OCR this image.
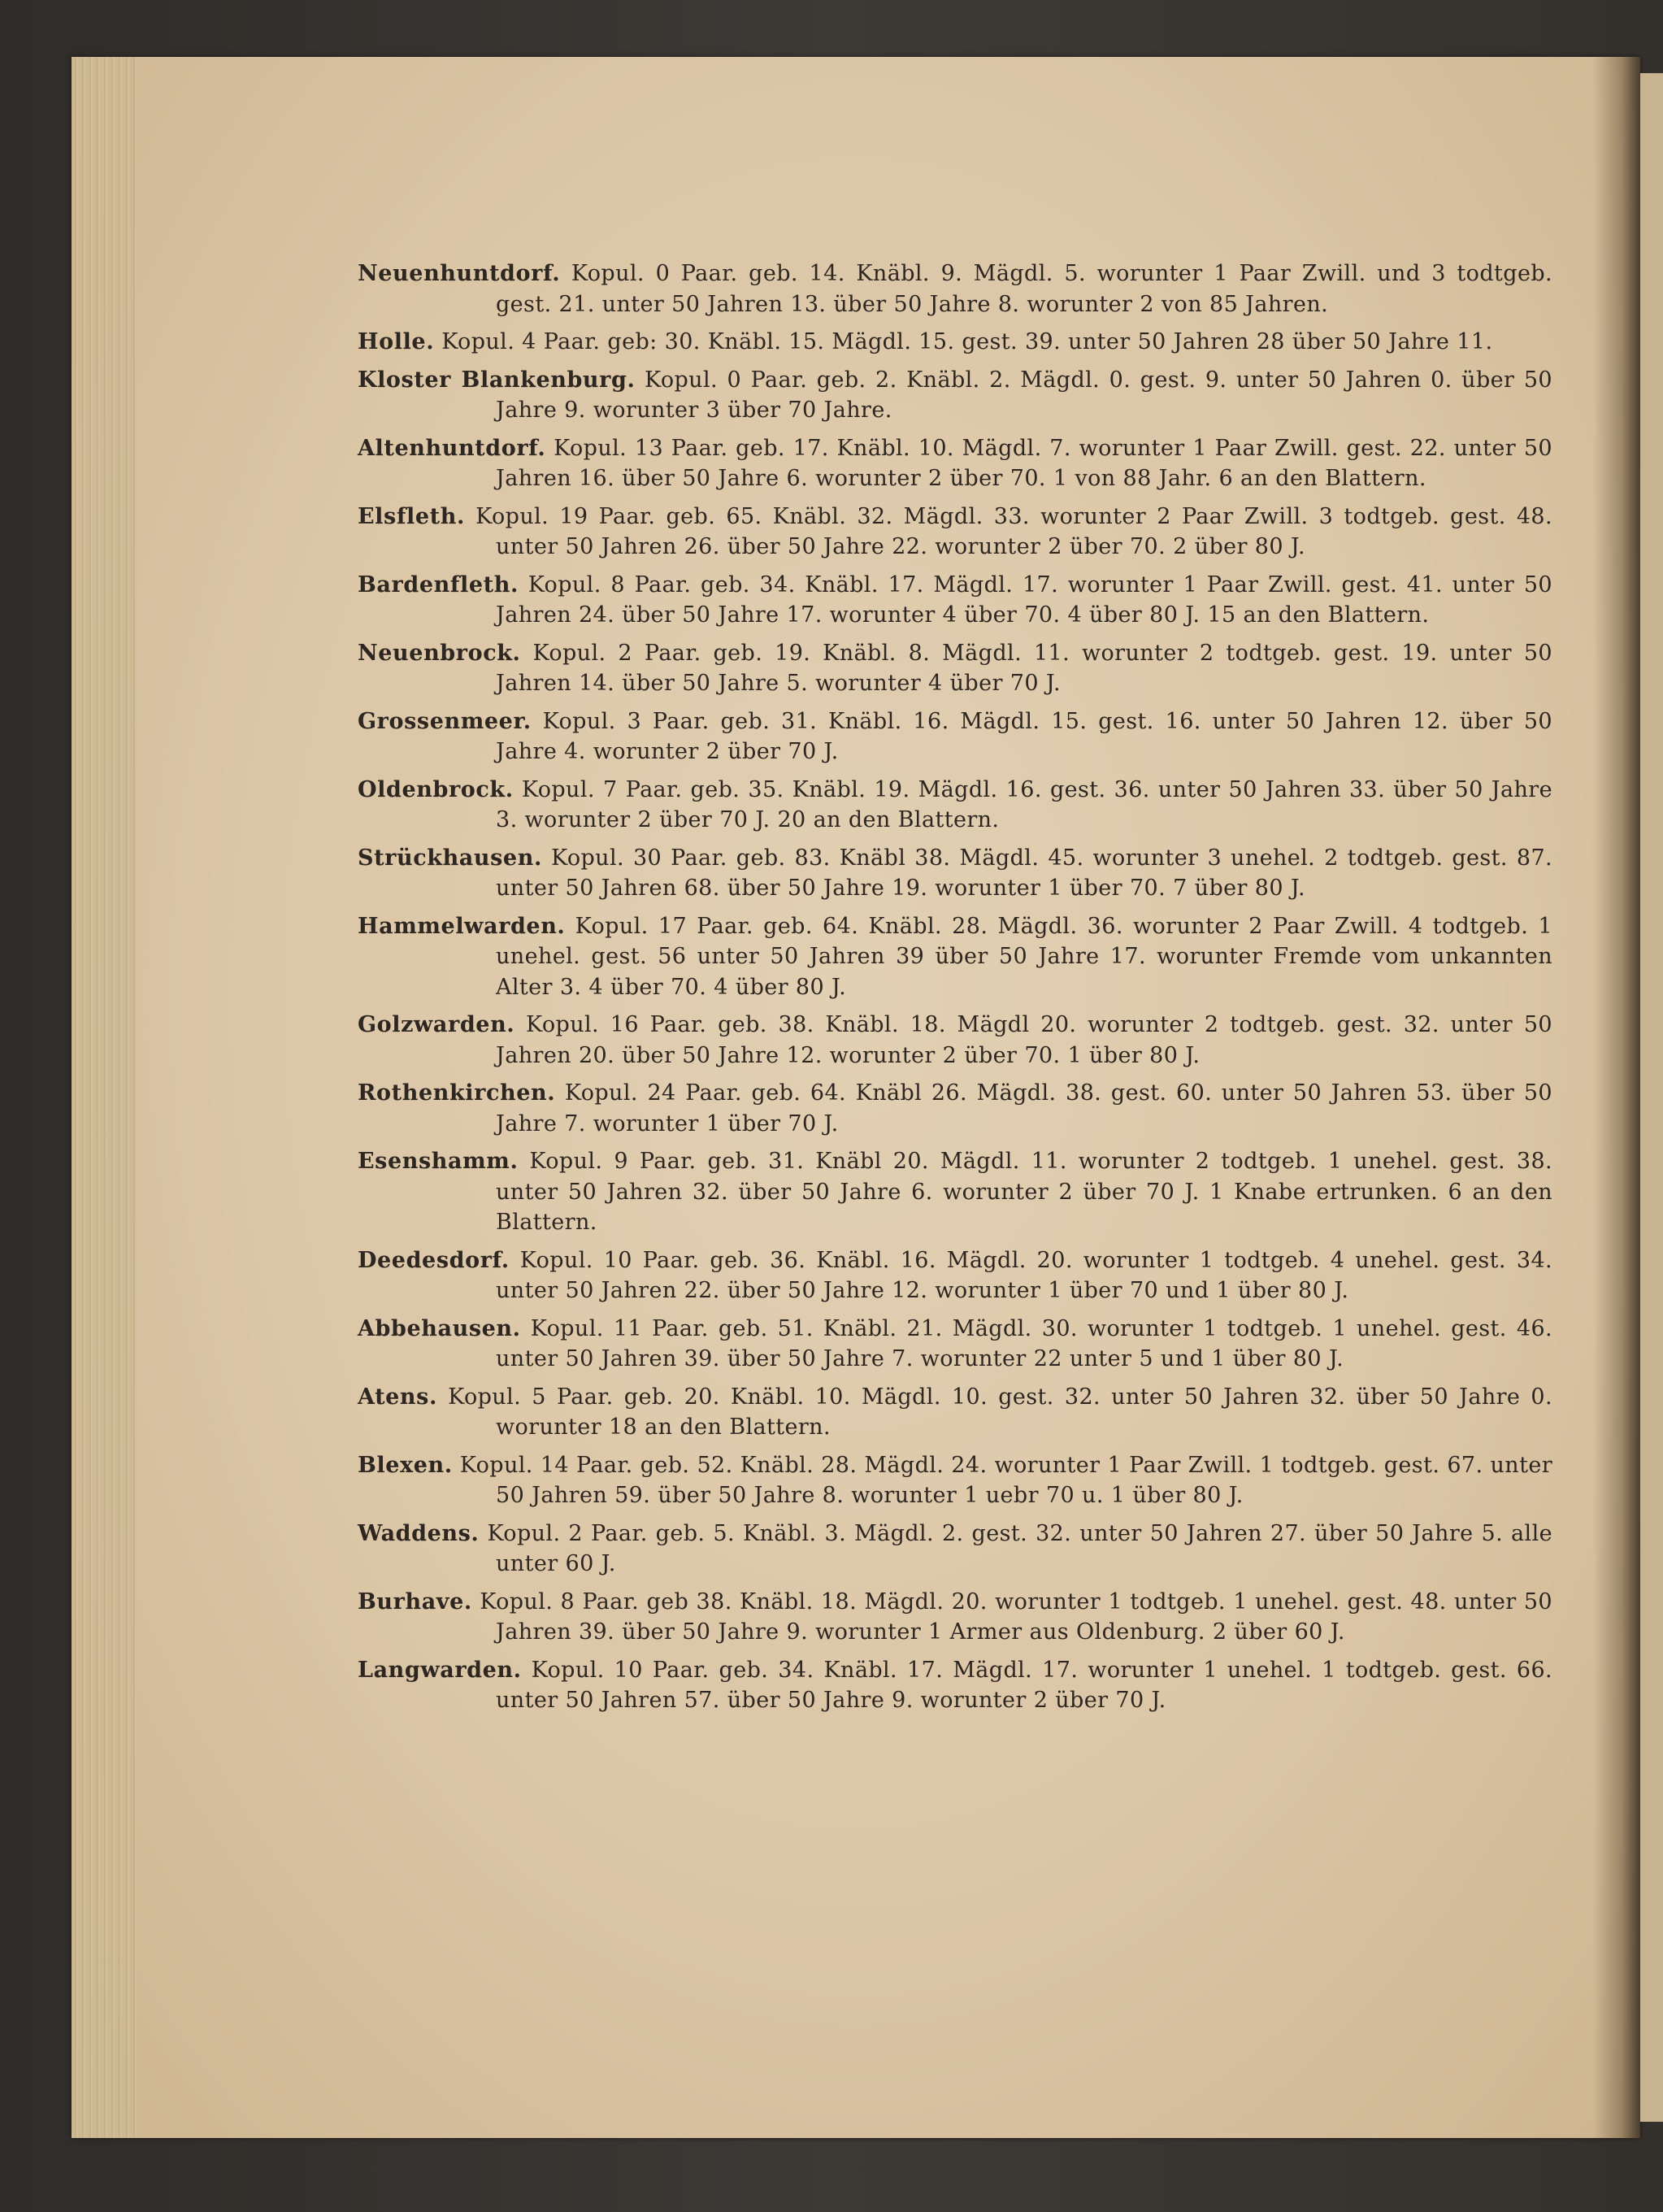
Neuenhuntdorf. Kopul. 0 Paar. geb. 14. Knäbl. 9. Mägdl. 5. worunter 1 Paar Zwill. und 3 todtgeb. gest. 21. unter 50 Jahren 13. über 50 Jahre 8. worunter 2 von 85 Jahren.

Holle. Kopul. 4 Paar. geb: 30. Knäbl. 15. Mägdl. 15. gest. 39. unter 50 Jahren 28 über 50 Jahre 11.

Kloster Blankenburg. Kopul. 0 Paar. geb. 2. Knäbl. 2. Mägdl. 0. gest. 9. unter 50 Jahren 0. über 50 Jahre 9. worunter 3 über 70 Jahre.

Altenhuntdorf. Kopul. 13 Paar. geb. 17. Knäbl. 10. Mägdl. 7. worunter 1 Paar Zwill. gest. 22. unter 50 Jahren 16. über 50 Jahre 6. worunter 2 über 70. 1 von 88 Jahr. 6 an den Blattern.

Elsfleth. Kopul. 19 Paar. geb. 65. Knäbl. 32. Mägdl. 33. worunter 2 Paar Zwill. 3 todtgeb. gest. 48. unter 50 Jahren 26. über 50 Jahre 22. worunter 2 über 70. 2 über 80 J.

Bardenfleth. Kopul. 8 Paar. geb. 34. Knäbl. 17. Mägdl. 17. worunter 1 Paar Zwill. gest. 41. unter 50 Jahren 24. über 50 Jahre 17. worunter 4 über 70. 4 über 80 J. 15 an den Blattern.

Neuenbrock. Kopul. 2 Paar. geb. 19. Knäbl. 8. Mägdl. 11. worunter 2 todtgeb. gest. 19. unter 50 Jahren 14. über 50 Jahre 5. worunter 4 über 70 J.

Grossenmeer. Kopul. 3 Paar. geb. 31. Knäbl. 16. Mägdl. 15. gest. 16. unter 50 Jahren 12. über 50 Jahre 4. worunter 2 über 70 J.

Oldenbrock. Kopul. 7 Paar. geb. 35. Knäbl. 19. Mägdl. 16. gest. 36. unter 50 Jahren 33. über 50 Jahre 3. worunter 2 über 70 J. 20 an den Blattern.

Strückhausen. Kopul. 30 Paar. geb. 83. Knäbl 38. Mägdl. 45. worunter 3 unehel. 2 todtgeb. gest. 87. unter 50 Jahren 68. über 50 Jahre 19. worunter 1 über 70. 7 über 80 J.

Hammelwarden. Kopul. 17 Paar. geb. 64. Knäbl. 28. Mägdl. 36. worunter 2 Paar Zwill. 4 todtgeb. 1 unehel. gest. 56 unter 50 Jahren 39 über 50 Jahre 17. worunter Fremde vom unkannten Alter 3. 4 über 70. 4 über 80 J.

Golzwarden. Kopul. 16 Paar. geb. 38. Knäbl. 18. Mägdl 20. worunter 2 todtgeb. gest. 32. unter 50 Jahren 20. über 50 Jahre 12. worunter 2 über 70. 1 über 80 J.

Rothenkirchen. Kopul. 24 Paar. geb. 64. Knäbl 26. Mägdl. 38. gest. 60. unter 50 Jahren 53. über 50 Jahre 7. worunter 1 über 70 J.

Esenshamm. Kopul. 9 Paar. geb. 31. Knäbl 20. Mägdl. 11. worunter 2 todtgeb. 1 unehel. gest. 38. unter 50 Jahren 32. über 50 Jahre 6. worunter 2 über 70 J. 1 Knabe ertrunken. 6 an den Blattern.

Deedesdorf. Kopul. 10 Paar. geb. 36. Knäbl. 16. Mägdl. 20. worunter 1 todtgeb. 4 unehel. gest. 34. unter 50 Jahren 22. über 50 Jahre 12. worunter 1 über 70 und 1 über 80 J.

Abbehausen. Kopul. 11 Paar. geb. 51. Knäbl. 21. Mägdl. 30. worunter 1 todtgeb. 1 unehel. gest. 46. unter 50 Jahren 39. über 50 Jahre 7. worunter 22 unter 5 und 1 über 80 J.

Atens. Kopul. 5 Paar. geb. 20. Knäbl. 10. Mägdl. 10. gest. 32. unter 50 Jahren 32. über 50 Jahre 0. worunter 18 an den Blattern.

Blexen. Kopul. 14 Paar. geb. 52. Knäbl. 28. Mägdl. 24. worunter 1 Paar Zwill. 1 todtgeb. gest. 67. unter 50 Jahren 59. über 50 Jahre 8. worunter 1 uebr 70 u. 1 über 80 J.

Waddens. Kopul. 2 Paar. geb. 5. Knäbl. 3. Mägdl. 2. gest. 32. unter 50 Jahren 27. über 50 Jahre 5. alle unter 60 J.

Burhave. Kopul. 8 Paar. geb 38. Knäbl. 18. Mägdl. 20. worunter 1 todtgeb. 1 unehel. gest. 48. unter 50 Jahren 39. über 50 Jahre 9. worunter 1 Armer aus Oldenburg. 2 über 60 J.

Langwarden. Kopul. 10 Paar. geb. 34. Knäbl. 17. Mägdl. 17. worunter 1 unehel. 1 todtgeb. gest. 66. unter 50 Jahren 57. über 50 Jahre 9. worunter 2 über 70 J.
